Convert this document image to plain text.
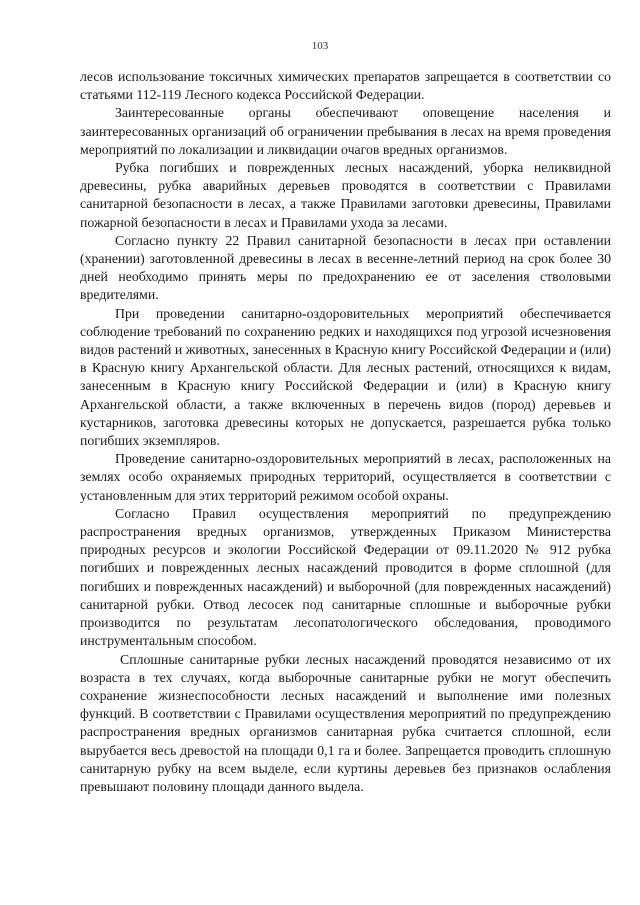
103

лесов использование токсичных химических препаратов запрещается в соответствии со статьями 112-119 Лесного кодекса Российской Федерации.

Заинтересованные органы обеспечивают оповещение населения и заинтересованных организаций об ограничении пребывания в лесах на время проведения мероприятий по локализации и ликвидации очагов вредных организмов.

Рубка погибших и поврежденных лесных насаждений, уборка неликвидной древесины, рубка аварийных деревьев проводятся в соответствии с Правилами санитарной безопасности в лесах, а также Правилами заготовки древесины, Правилами пожарной безопасности в лесах и Правилами ухода за лесами.

Согласно пункту 22 Правил санитарной безопасности в лесах при оставлении (хранении) заготовленной древесины в лесах в весенне-летний период на срок более 30 дней необходимо принять меры по предохранению ее от заселения стволовыми вредителями.

При проведении санитарно-оздоровительных мероприятий обеспечивается соблюдение требований по сохранению редких и находящихся под угрозой исчезновения видов растений и животных, занесенных в Красную книгу Российской Федерации и (или) в Красную книгу Архангельской области. Для лесных растений, относящихся к видам, занесенным в Красную книгу Российской Федерации и (или) в Красную книгу Архангельской области, а также включенных в перечень видов (пород) деревьев и кустарников, заготовка древесины которых не допускается, разрешается рубка только погибших экземпляров.

Проведение санитарно-оздоровительных мероприятий в лесах, расположенных на землях особо охраняемых природных территорий, осуществляется в соответствии с установленным для этих территорий режимом особой охраны.

Согласно Правил осуществления мероприятий по предупреждению распространения вредных организмов, утвержденных Приказом Министерства природных ресурсов и экологии Российской Федерации от 09.11.2020 № 912 рубка погибших и поврежденных лесных насаждений проводится в форме сплошной (для погибших и поврежденных насаждений) и выборочной (для поврежденных насаждений) санитарной рубки. Отвод лесосек под санитарные сплошные и выборочные рубки производится по результатам лесопатологического обследования, проводимого инструментальным способом.

Сплошные санитарные рубки лесных насаждений проводятся независимо от их возраста в тех случаях, когда выборочные санитарные рубки не могут обеспечить сохранение жизнеспособности лесных насаждений и выполнение ими полезных функций. В соответствии с Правилами осуществления мероприятий по предупреждению распространения вредных организмов санитарная рубка считается сплошной, если вырубается весь древостой на площади 0,1 га и более. Запрещается проводить сплошную санитарную рубку на всем выделе, если куртины деревьев без признаков ослабления превышают половину площади данного выдела.
